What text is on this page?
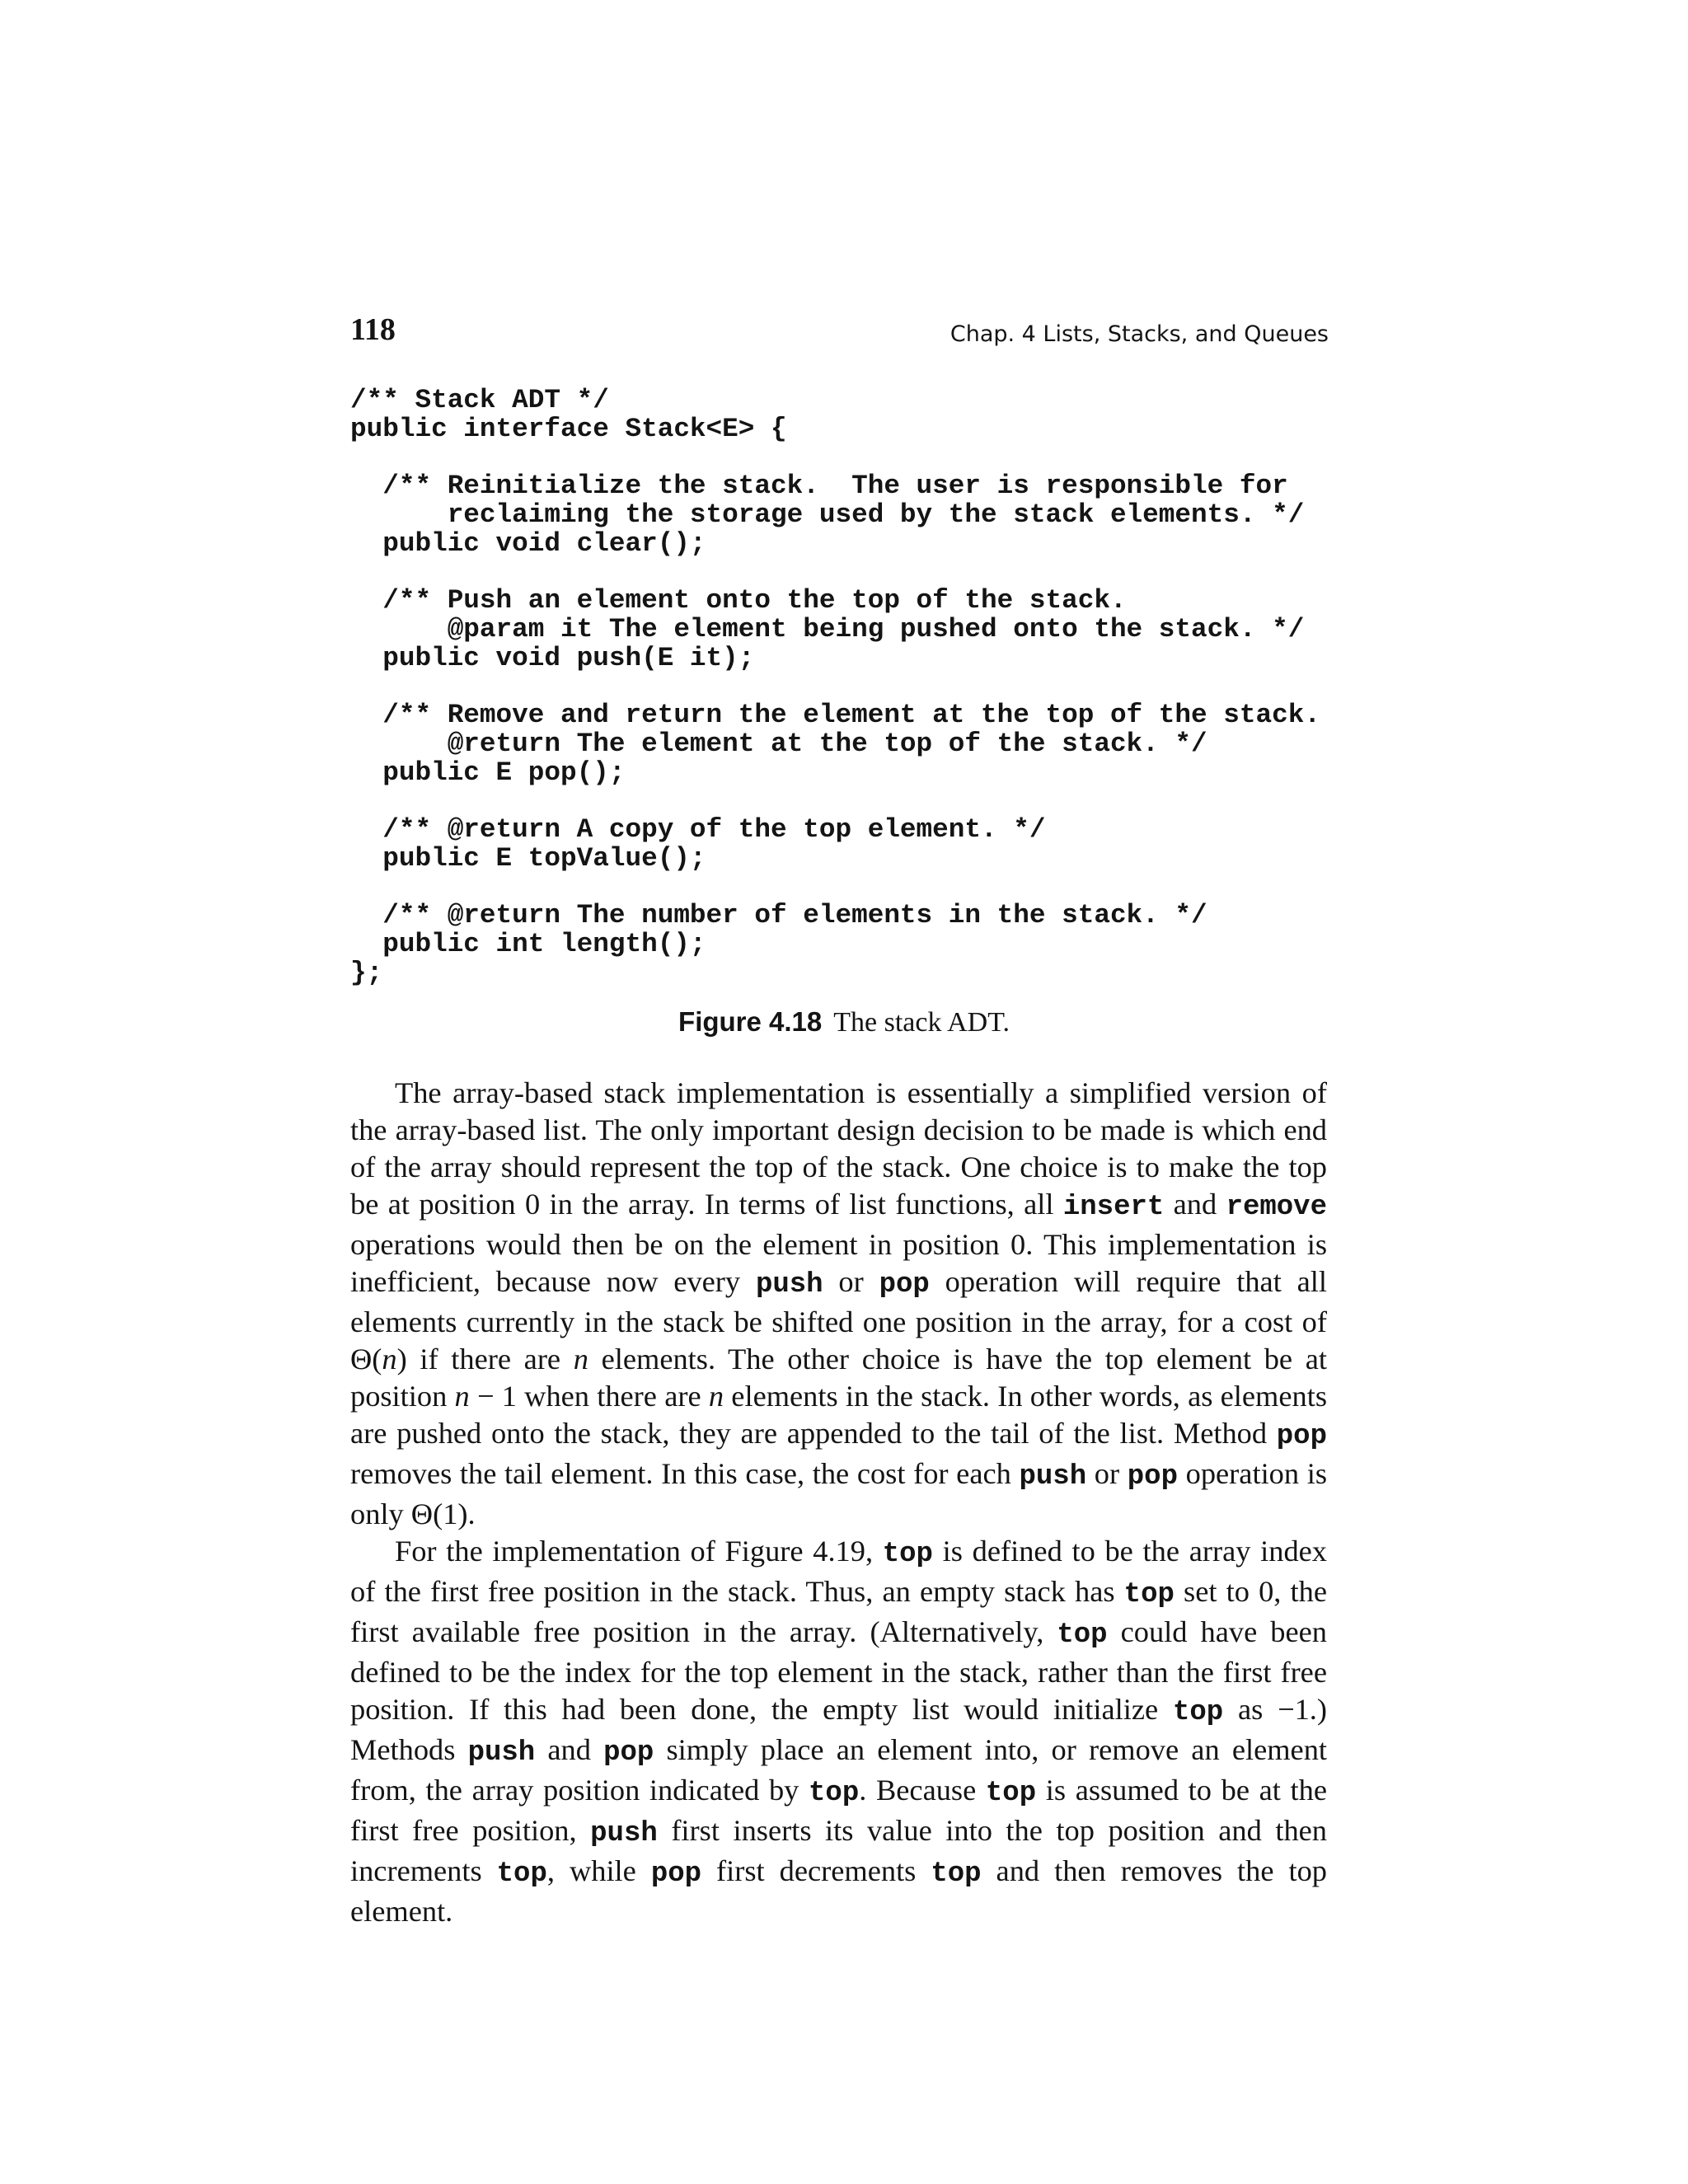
118	Chap. 4 Lists, Stacks, and Queues
/** Stack ADT */
public interface Stack<E> {
/** Reinitialize the stack.  The user is responsible for
reclaiming the storage used by the stack elements. */
public void clear();
/** Push an element onto the top of the stack.
@param it The element being pushed onto the stack. */
public void push(E it);
/** Remove and return the element at the top of the stack.
@return The element at the top of the stack. */
public E pop();
/** @return A copy of the top element. */
public E topValue();
/** @return The number of elements in the stack. */
public int length();
};
Figure 4.18 The stack ADT.

The array-based stack implementation is essentially a simplified version of the array-based list. The only important design decision to be made is which end of the array should represent the top of the stack. One choice is to make the top be at position 0 in the array. In terms of list functions, all insert and remove operations would then be on the element in position 0. This implementation is inefficient, because now every push or pop operation will require that all elements currently in the stack be shifted one position in the array, for a cost of Θ(n) if there are n elements. The other choice is have the top element be at position n − 1 when there are n elements in the stack. In other words, as elements are pushed onto the stack, they are appended to the tail of the list. Method pop removes the tail element. In this case, the cost for each push or pop operation is only Θ(1).

For the implementation of Figure 4.19, top is defined to be the array index of the first free position in the stack. Thus, an empty stack has top set to 0, the first available free position in the array. (Alternatively, top could have been defined to be the index for the top element in the stack, rather than the first free position. If this had been done, the empty list would initialize top as −1.) Methods push and pop simply place an element into, or remove an element from, the array position indicated by top. Because top is assumed to be at the first free position, push first inserts its value into the top position and then increments top, while pop first decrements top and then removes the top element.
